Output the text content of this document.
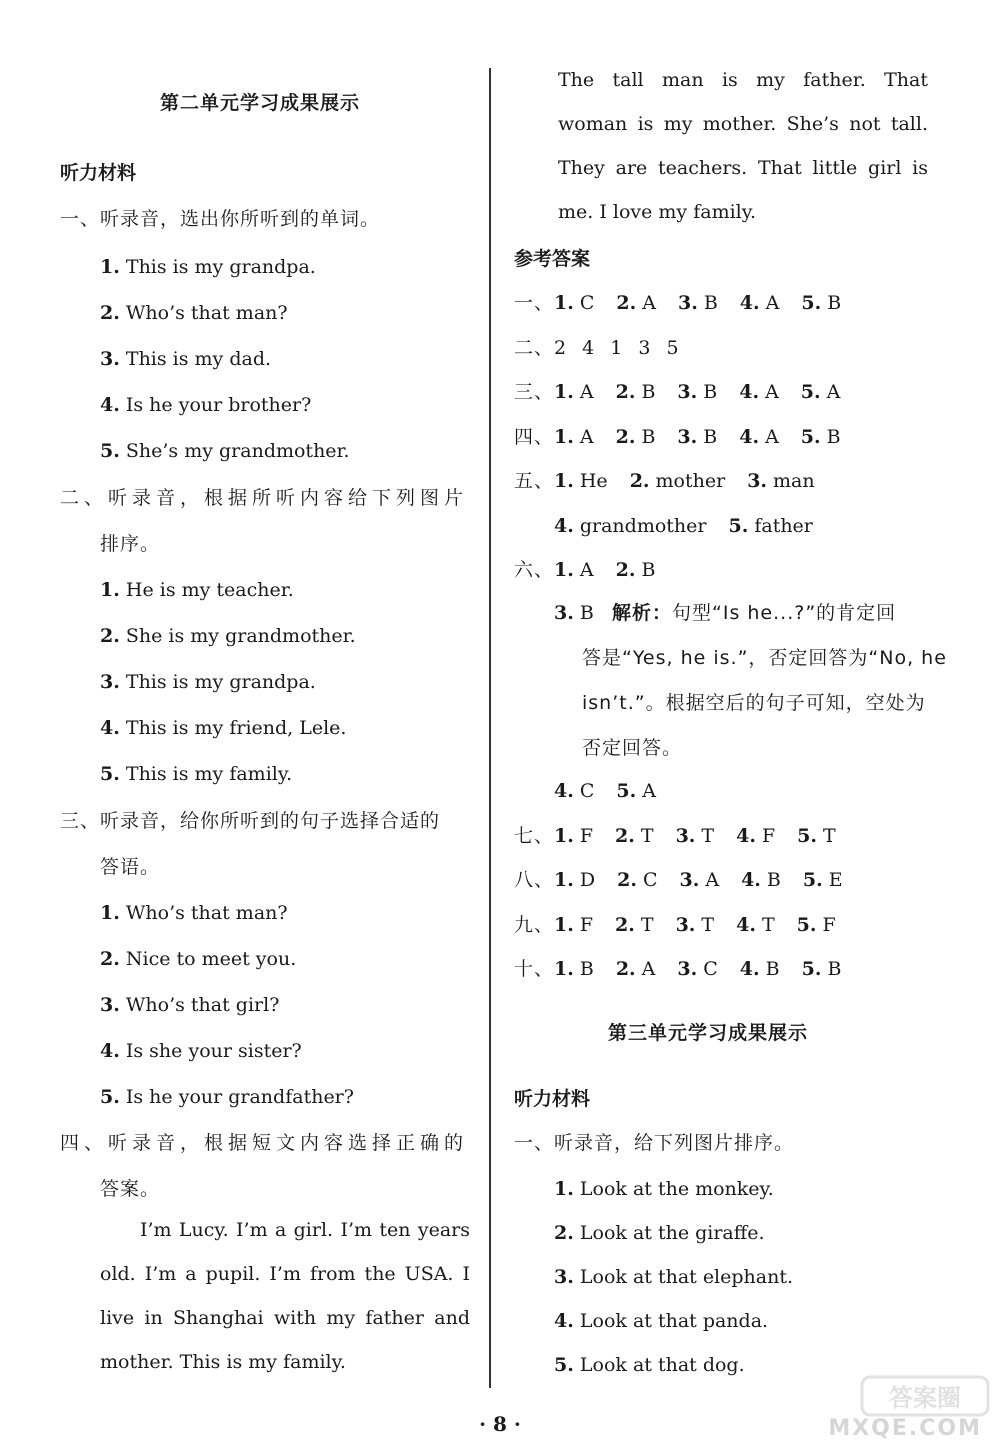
第二单元学习成果展示
听力材料
一、听录音，选出你所听到的单词。
1. This is my grandpa.
2. Who’s that man?
3. This is my dad.
4. Is he your brother?
5. She’s my grandmother.
二、听录音，根据所听内容给下列图片
排序。
1. He is my teacher.
2. She is my grandmother.
3. This is my grandpa.
4. This is my friend, Lele.
5. This is my family.
三、听录音，给你所听到的句子选择合适的
答语。
1. Who’s that man?
2. Nice to meet you.
3. Who’s that girl?
4. Is she your sister?
5. Is he your grandfather?
四、听录音，根据短文内容选择正确的
答案。
I’m Lucy. I’m a girl. I’m ten years old. I’m a pupil. I’m from the USA. I live in Shanghai with my father and mother. This is my family.
The tall man is my father. That woman is my mother. She’s not tall. They are teachers. That little girl is me. I love my family.
参考答案
一、 1. C 2. A 3. B 4. A 5. B
二、 2 4 1 3 5
三、 1. A 2. B 3. B 4. A 5. A
四、 1. A 2. B 3. B 4. A 5. B
五、 1. He 2. mother 3. man
4. grandmother 5. father
六、 1. A 2. B
3. B 解析：句型“Is he...?”的肯定回
答是“Yes, he is.”，否定回答为“No, he
isn’t.”。根据空后的句子可知，空处为
否定回答。
4. C 5. A
七、 1. F 2. T 3. T 4. F 5. T
八、 1. D 2. C 3. A 4. B 5. E
九、 1. F 2. T 3. T 4. T 5. F
十、 1. B 2. A 3. C 4. B 5. B
第三单元学习成果展示
听力材料
一、听录音，给下列图片排序。
1. Look at the monkey.
2. Look at the giraffe.
3. Look at that elephant.
4. Look at that panda.
5. Look at that dog.
· 8 ·
答案圈
MXQE.COM
